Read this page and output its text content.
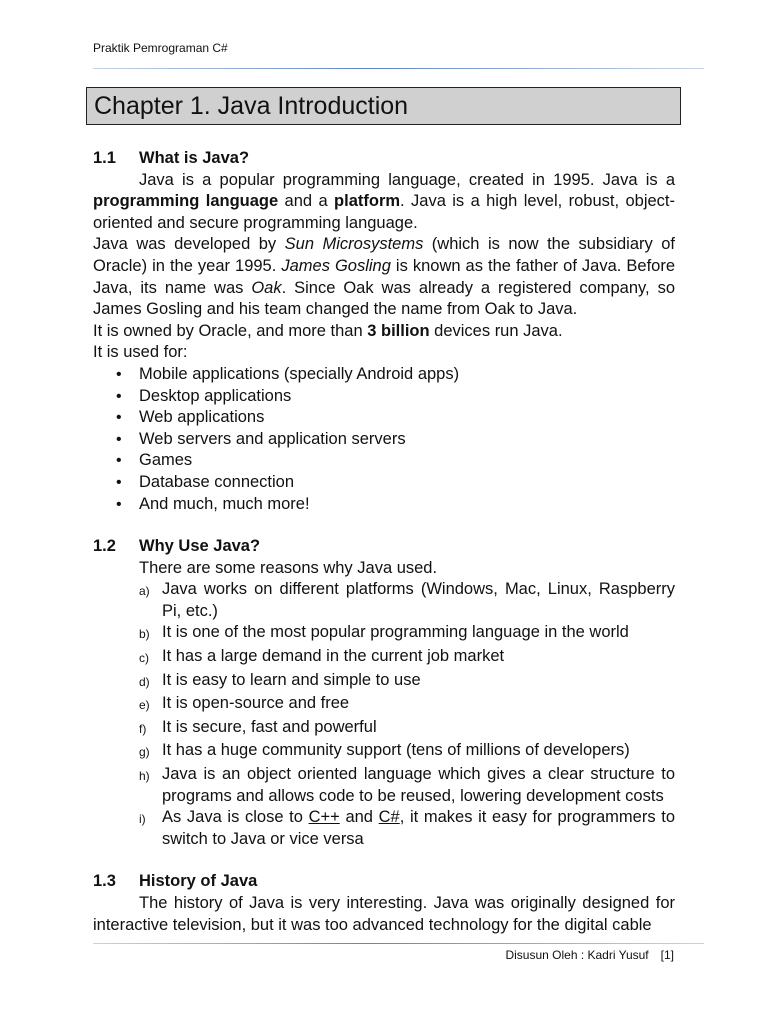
Praktik Pemrograman C#
Chapter 1. Java Introduction
1.1	What is Java?

Java is a popular programming language, created in 1995. Java is a programming language and a platform. Java is a high level, robust, object-oriented and secure programming language.

Java was developed by Sun Microsystems (which is now the subsidiary of Oracle) in the year 1995. James Gosling is known as the father of Java. Before Java, its name was Oak. Since Oak was already a registered company, so James Gosling and his team changed the name from Oak to Java.

It is owned by Oracle, and more than 3 billion devices run Java.

It is used for:

• Mobile applications (specially Android apps)
• Desktop applications
• Web applications
• Web servers and application servers
• Games
• Database connection
• And much, much more!
1.2	Why Use Java?

There are some reasons why Java used.

a) Java works on different platforms (Windows, Mac, Linux, Raspberry Pi, etc.)
b) It is one of the most popular programming language in the world
c) It has a large demand in the current job market
d) It is easy to learn and simple to use
e) It is open-source and free
f) It is secure, fast and powerful
g) It has a huge community support (tens of millions of developers)
h) Java is an object oriented language which gives a clear structure to programs and allows code to be reused, lowering development costs
i) As Java is close to C++ and C#, it makes it easy for programmers to switch to Java or vice versa
1.3	History of Java

The history of Java is very interesting. Java was originally designed for interactive television, but it was too advanced technology for the digital cable

Disusun Oleh : Kadri Yusuf [1]
